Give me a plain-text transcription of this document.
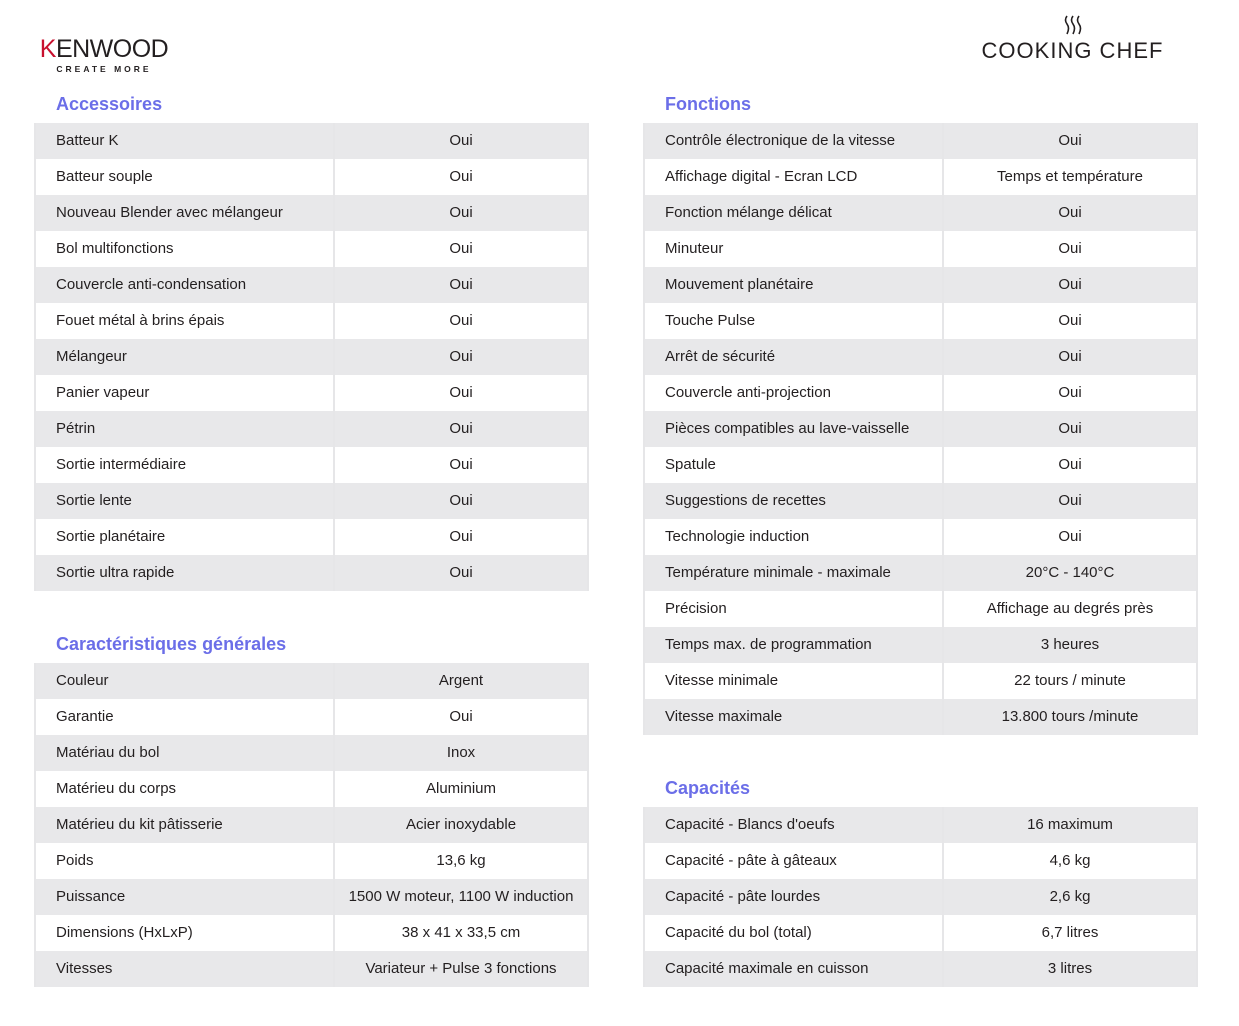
KENWOOD
CREATE MORE
COOKING CHEF
Accessoires
Caractéristiques générales
Fonctions
Capacités
Batteur K	Oui
Batteur souple	Oui
Nouveau Blender avec mélangeur	Oui
Bol multifonctions	Oui
Couvercle anti-condensation	Oui
Fouet métal à brins épais	Oui
Mélangeur	Oui
Panier vapeur	Oui
Pétrin	Oui
Sortie intermédiaire	Oui
Sortie lente	Oui
Sortie planétaire	Oui
Sortie ultra rapide	Oui
Couleur	Argent
Garantie	Oui
Matériau du bol	Inox
Matérieu du corps	Aluminium
Matérieu du kit pâtisserie	Acier inoxydable
Poids	13,6 kg
Puissance	1500 W moteur, 1100 W induction
Dimensions (HxLxP)	38 x 41 x 33,5 cm
Vitesses	Variateur + Pulse 3 fonctions
Contrôle électronique de la vitesse	Oui
Affichage digital - Ecran LCD	Temps et température
Fonction mélange délicat	Oui
Minuteur	Oui
Mouvement planétaire	Oui
Touche Pulse	Oui
Arrêt de sécurité	Oui
Couvercle anti-projection	Oui
Pièces compatibles au lave-vaisselle	Oui
Spatule	Oui
Suggestions de recettes	Oui
Technologie induction	Oui
Température minimale - maximale	20°C - 140°C
Précision	Affichage au degrés près
Temps max. de programmation	3 heures
Vitesse minimale	22 tours / minute
Vitesse maximale	13.800 tours /minute
Capacité - Blancs d'oeufs	16 maximum
Capacité - pâte à gâteaux	4,6 kg
Capacité - pâte lourdes	2,6 kg
Capacité du bol (total)	6,7 litres
Capacité maximale en cuisson	3 litres
